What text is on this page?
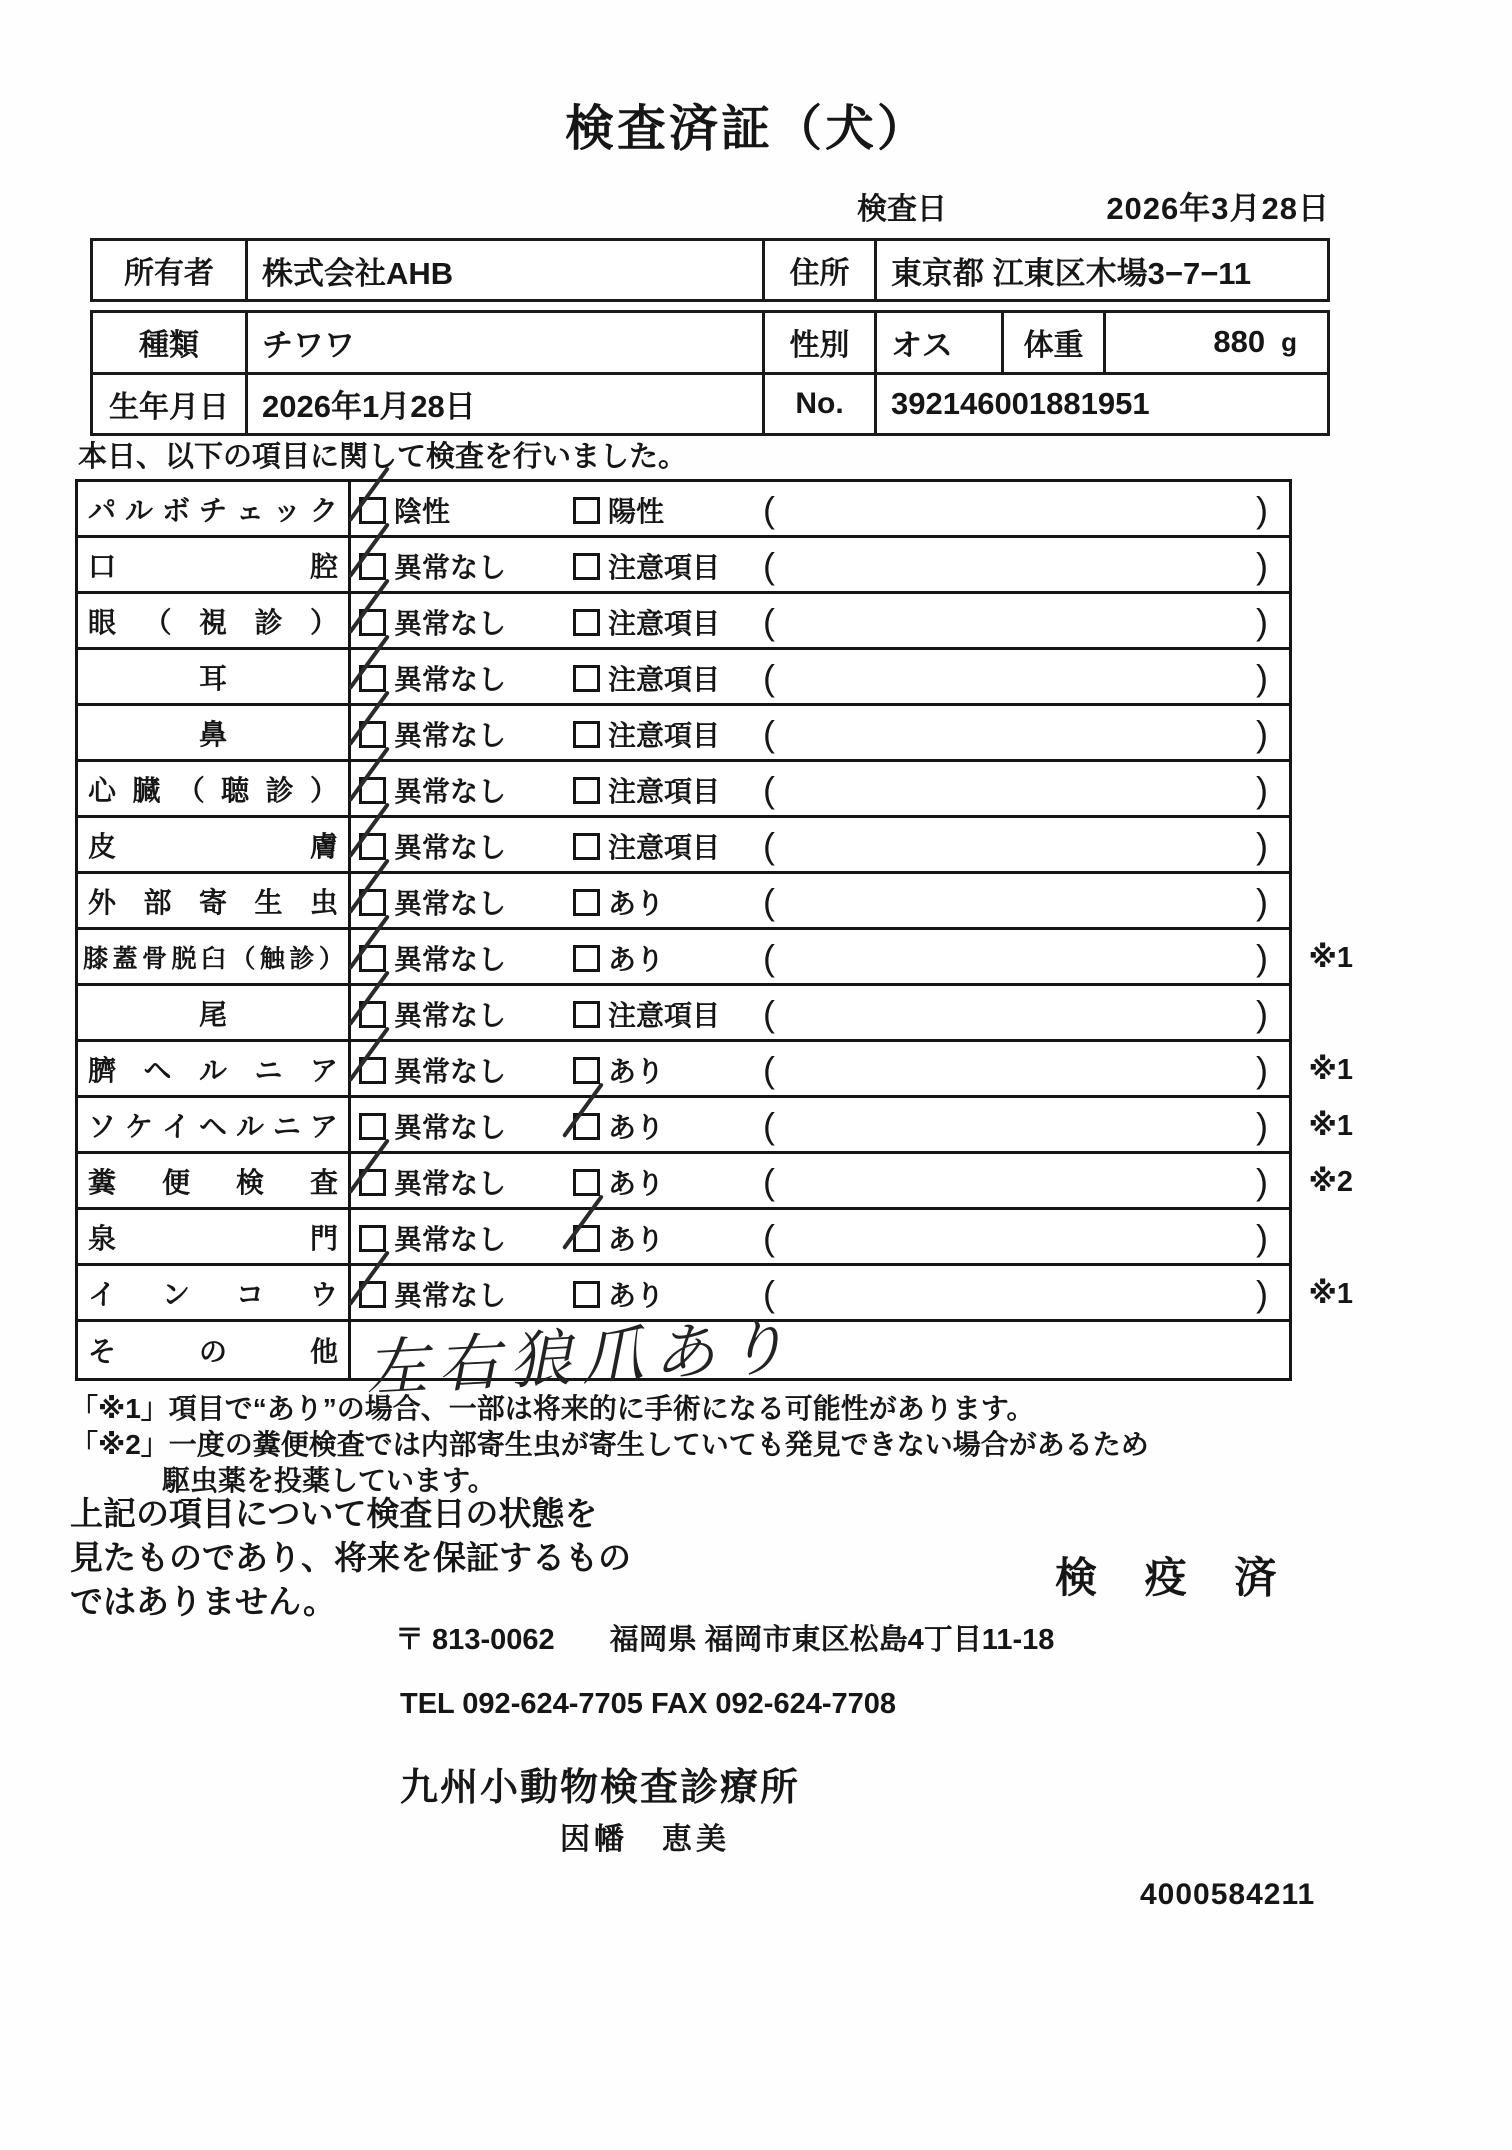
検査済証（犬）
検査日	2026年3月28日
所有者	株式会社AHB	住所	東京都 江東区木場3−7−11
種類	チワワ	性別	オス	体重	880 g
生年月日	2026年1月28日	No.	392146001881951
本日、以下の項目に関して検査を行いました。
パ ル ボ チ ェ ッ ク 陰性	陽性	(	)
口	腔 異常なし	注意項目 (	)
眼 （ 視 診 ） 異常なし	注意項目 (	)
耳	異常なし	注意項目 (	)
鼻	異常なし	注意項目 (	)
心 臓 （ 聴 診 ） 異常なし	注意項目 (	)
皮	膚 異常なし	注意項目 (	)
外 部 寄 生 虫 異常なし	あり	(	)
膝 蓋 骨 脱 臼 （ 触 診 ） 異常なし	あり	(	) ※1
尾	異常なし	注意項目 (	)
臍 ヘ ル ニ ア 異常なし	あり	(	) ※1
ソ ケ イ ヘ ル ニ ア 異常なし	あり	(	) ※1
糞 便 検 査 異常なし	あり	(	) ※2
泉	門 異常なし	あり	(	)
イ ン コ ウ 異常なし	あり	(	) ※1
そ	の	他 左右狼爪あり
「※1」項目で“あり”の場合、一部は将来的に手術になる可能性があります。
「※2」一度の糞便検査では内部寄生虫が寄生していても発見できない場合があるため
駆虫薬を投薬しています。
上記の項目について検査日の状態を
見たものであり、将来を保証するもの
ではありません。
検 疫 済
〒 813-0062 福岡県 福岡市東区松島4丁目11-18
TEL 092-624-7705 FAX 092-624-7708
九州小動物検査診療所
因幡　恵美
4000584211
